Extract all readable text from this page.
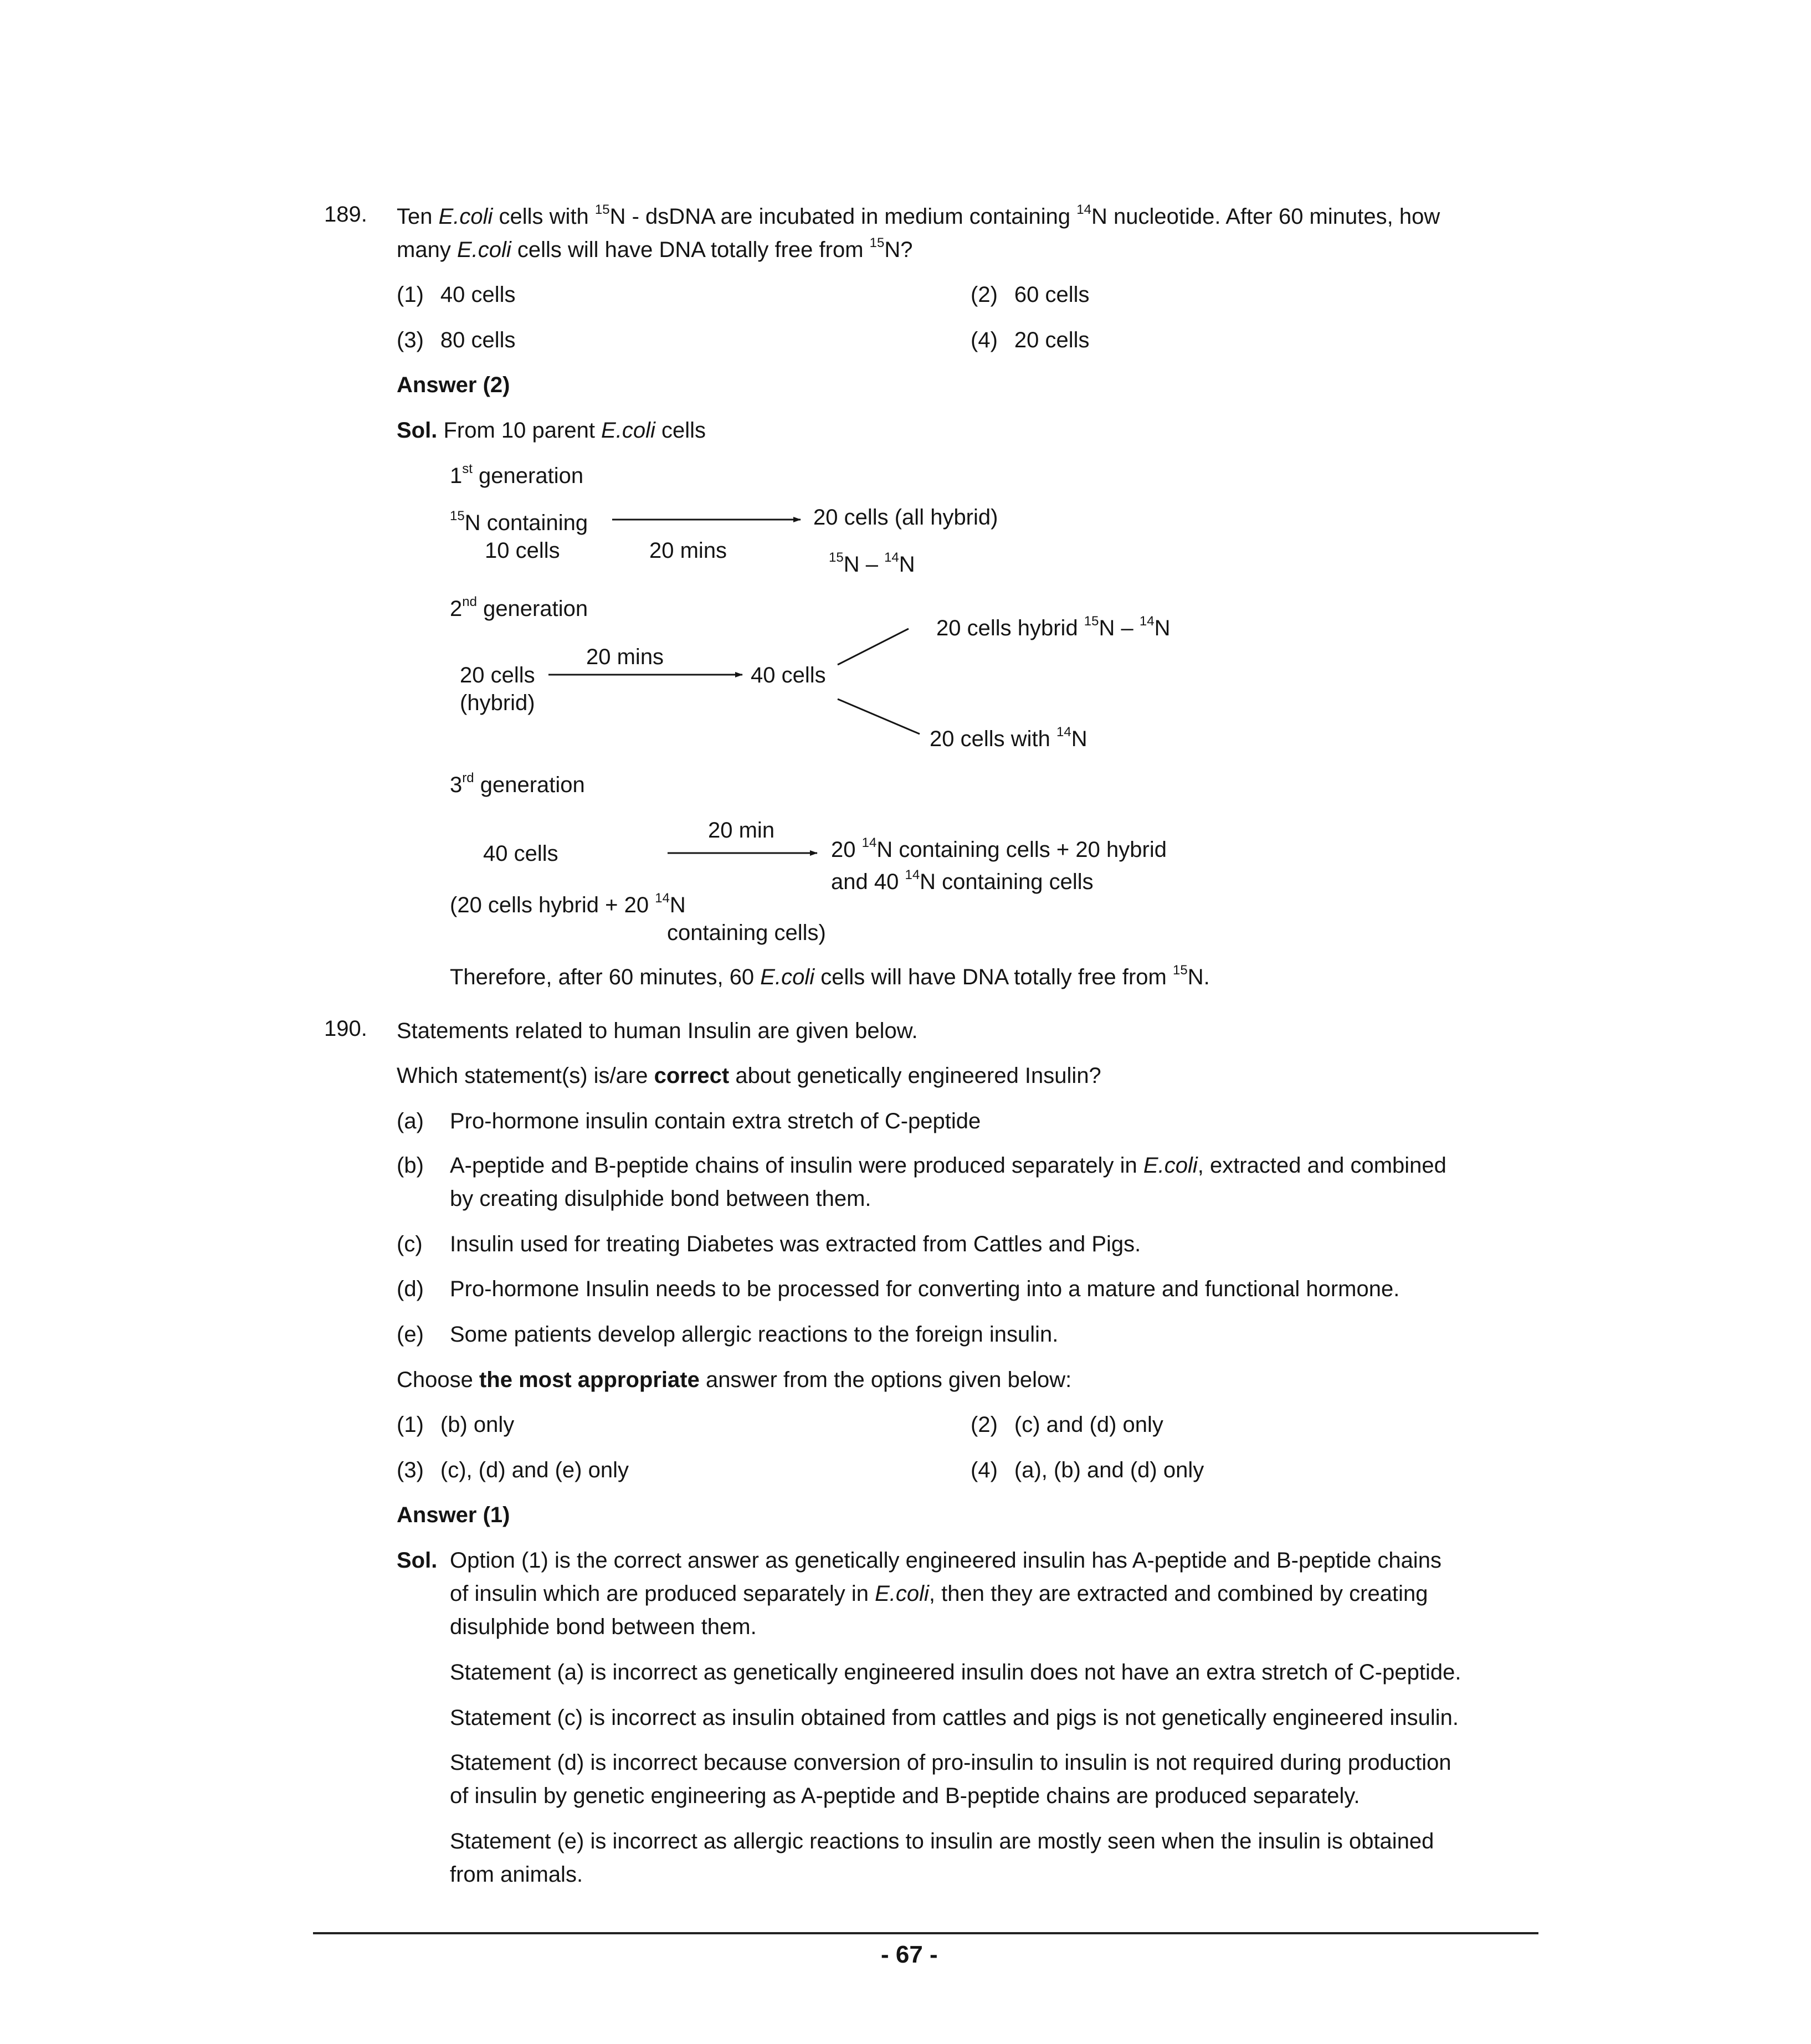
189. Ten E.coli cells with $^{15}$N - dsDNA are incubated in medium containing $^{14}$N nucleotide. After 60 minutes, how
many E.coli cells will have DNA totally free from $^{15}$N?
(1) 40 cells	(2) 60 cells
(3) 80 cells	(4) 20 cells
Answer (2)
Sol. From 10 parent E.coli cells
1st generation
$^{15}$N containing
10 cells	20 mins
20 cells (all hybrid)
$^{15}$N – $^{14}$N
2nd generation
20 mins
20 cells
(hybrid)
40 cells
20 cells hybrid $^{15}$N – $^{14}$N
20 cells with $^{14}$N
3rd generation
20 min
40 cells	20 $^{14}$N containing cells + 20 hybrid
and 40 $^{14}$N containing cells
(20 cells hybrid + 20 $^{14}$N
containing cells)
Therefore, after 60 minutes, 60 E.coli cells will have DNA totally free from $^{15}$N.
190. Statements related to human Insulin are given below.
Which statement(s) is/are correct about genetically engineered Insulin?
(a) Pro-hormone insulin contain extra stretch of C-peptide
(b) A-peptide and B-peptide chains of insulin were produced separately in E.coli, extracted and combined
by creating disulphide bond between them.
(c) Insulin used for treating Diabetes was extracted from Cattles and Pigs.
(d) Pro-hormone Insulin needs to be processed for converting into a mature and functional hormone.
(e) Some patients develop allergic reactions to the foreign insulin.
Choose the most appropriate answer from the options given below:
(1) (b) only	(2) (c) and (d) only
(3) (c), (d) and (e) only	(4) (a), (b) and (d) only
Answer (1)
Sol. Option (1) is the correct answer as genetically engineered insulin has A-peptide and B-peptide chains
of insulin which are produced separately in E.coli, then they are extracted and combined by creating
disulphide bond between them.
Statement (a) is incorrect as genetically engineered insulin does not have an extra stretch of C-peptide.
Statement (c) is incorrect as insulin obtained from cattles and pigs is not genetically engineered insulin.
Statement (d) is incorrect because conversion of pro-insulin to insulin is not required during production
of insulin by genetic engineering as A-peptide and B-peptide chains are produced separately.
Statement (e) is incorrect as allergic reactions to insulin are mostly seen when the insulin is obtained
from animals.
- 67 -
